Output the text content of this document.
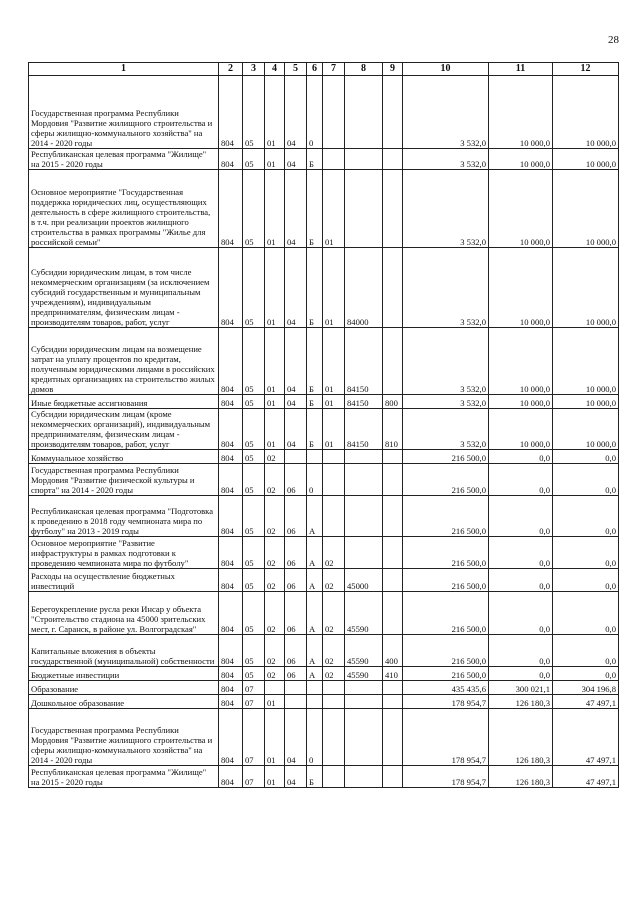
28
1	2	3	4	5	6	7	8	9	10	11	12
Государственная программа Республики Мордовия "Развитие жилищного строительства и сферы жилищно-коммунального хозяйства" на 2014 - 2020 годы	804	05	01	04	0				3 532,0	10 000,0	10 000,0
Республиканская целевая программа "Жилище" на 2015 - 2020 годы	804	05	01	04	Б				3 532,0	10 000,0	10 000,0
Основное мероприятие "Государственная поддержка юридических лиц, осуществляющих деятельность в сфере жилищного строительства, в т.ч. при реализации проектов жилищного строительства в рамках программы "Жилье для российской семьи"	804	05	01	04	Б	01			3 532,0	10 000,0	10 000,0
Субсидии юридическим лицам, в том числе некоммерческим организациям (за исключением субсидий государственным и муниципальным учреждениям), индивидуальным предпринимателям, физическим лицам - производителям товаров, работ, услуг	804	05	01	04	Б	01	84000		3 532,0	10 000,0	10 000,0
Субсидии юридическим лицам на возмещение затрат на уплату процентов по кредитам, полученным юридическими лицами в российских кредитных организациях на строительство жилых домов	804	05	01	04	Б	01	84150		3 532,0	10 000,0	10 000,0
Иные бюджетные ассигнования	804	05	01	04	Б	01	84150	800	3 532,0	10 000,0	10 000,0
Субсидии юридическим лицам (кроме некоммерческих организаций), индивидуальным предпринимателям, физическим лицам - производителям товаров, работ, услуг	804	05	01	04	Б	01	84150	810	3 532,0	10 000,0	10 000,0
Коммунальное хозяйство	804	05	02						216 500,0	0,0	0,0
Государственная программа Республики Мордовия "Развитие физической культуры и спорта" на 2014 - 2020 годы	804	05	02	06	0				216 500,0	0,0	0,0
Республиканская целевая программа "Подготовка к проведению в 2018 году чемпионата мира по футболу" на 2013 - 2019 годы	804	05	02	06	А				216 500,0	0,0	0,0
Основное мероприятие "Развитие инфраструктуры в рамках подготовки к проведению чемпионата мира по футболу"	804	05	02	06	А	02			216 500,0	0,0	0,0
Расходы на осуществление бюджетных инвестиций	804	05	02	06	А	02	45000		216 500,0	0,0	0,0
Берегоукрепление русла реки Инсар у объекта "Строительство стадиона на 45000 зрительских мест, г. Саранск, в районе ул. Волгоградская"	804	05	02	06	А	02	45590		216 500,0	0,0	0,0
Капитальные вложения в объекты государственной (муниципальной) собственности	804	05	02	06	А	02	45590	400	216 500,0	0,0	0,0
Бюджетные инвестиции	804	05	02	06	А	02	45590	410	216 500,0	0,0	0,0
Образование	804	07							435 435,6	300 021,1	304 196,8
Дошкольное образование	804	07	01						178 954,7	126 180,3	47 497,1
Государственная программа Республики Мордовия "Развитие жилищного строительства и сферы жилищно-коммунального хозяйства" на 2014 - 2020 годы	804	07	01	04	0				178 954,7	126 180,3	47 497,1
Республиканская целевая программа "Жилище" на 2015 - 2020 годы	804	07	01	04	Б				178 954,7	126 180,3	47 497,1
